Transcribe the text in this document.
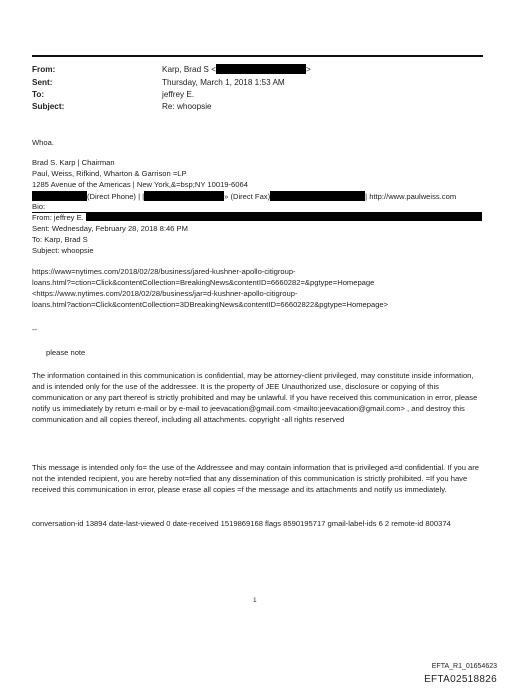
From:	Karp, Brad S <	>
Sent:	Thursday, March 1, 2018 1:53 AM
To:	jeffrey E.
Subject:	Re: whoopsie
Whoa.
Brad S. Karp | Chairman
Paul, Weiss, Rifkind, Wharton & Garrison =LP
1285 Avenue of the Americas | New York,&=bsp;NY 10019-6064
(Direct Phone) | |	» (Direct Fax)	| http://www.paulweiss.com
Bio:
From: jeffrey E.
Sent: Wednesday, February 28, 2018 8:46 PM
To: Karp, Brad S
Subject: whoopsie
https://www=nytimes.com/2018/02/28/business/jared-kushner-apollo-citigroup-
loans.html?=ction=Click&contentCollection=BreakingNews&contentID=6660282=&pgtype=Homepage
<https://www.nytimes.com/2018/02/28/business/jar=d-kushner-apollo-citigroup-
loans.html?action=Click&contentCollection=3DBreakingNews&contentID=66602822&pgtype=Homepage>
--
please note
The information contained in this communication is confidential, may be attorney-client privileged, may constitute inside information, and is intended only for the use of the addressee. It is the property of JEE Unauthorized use, disclosure or copying of this communication or any part thereof is strictly prohibited and may be unlawful. If you have received this communication in error, please notify us immediately by return e-mail or by e-mail to jeevacation@gmail.com <mailto:jeevacation@gmail.com> , and destroy this communication and all copies thereof, including all attachments. copyright -all rights reserved
This message is intended only fo= the use of the Addressee and may contain information that is privileged a=d confidential. If you are not the intended recipient, you are hereby not=fied that any dissemination of this communication is strictly prohibited. =If you have received this communication in error, please erase all copies =f the message and its attachments and notify us immediately.
conversation-id 13894 date-last-viewed 0 date-received 1519869168 flags 8590195717 gmail-label-ids 6 2 remote-id 800374
1
EFTA_R1_01654623
EFTA02518826
